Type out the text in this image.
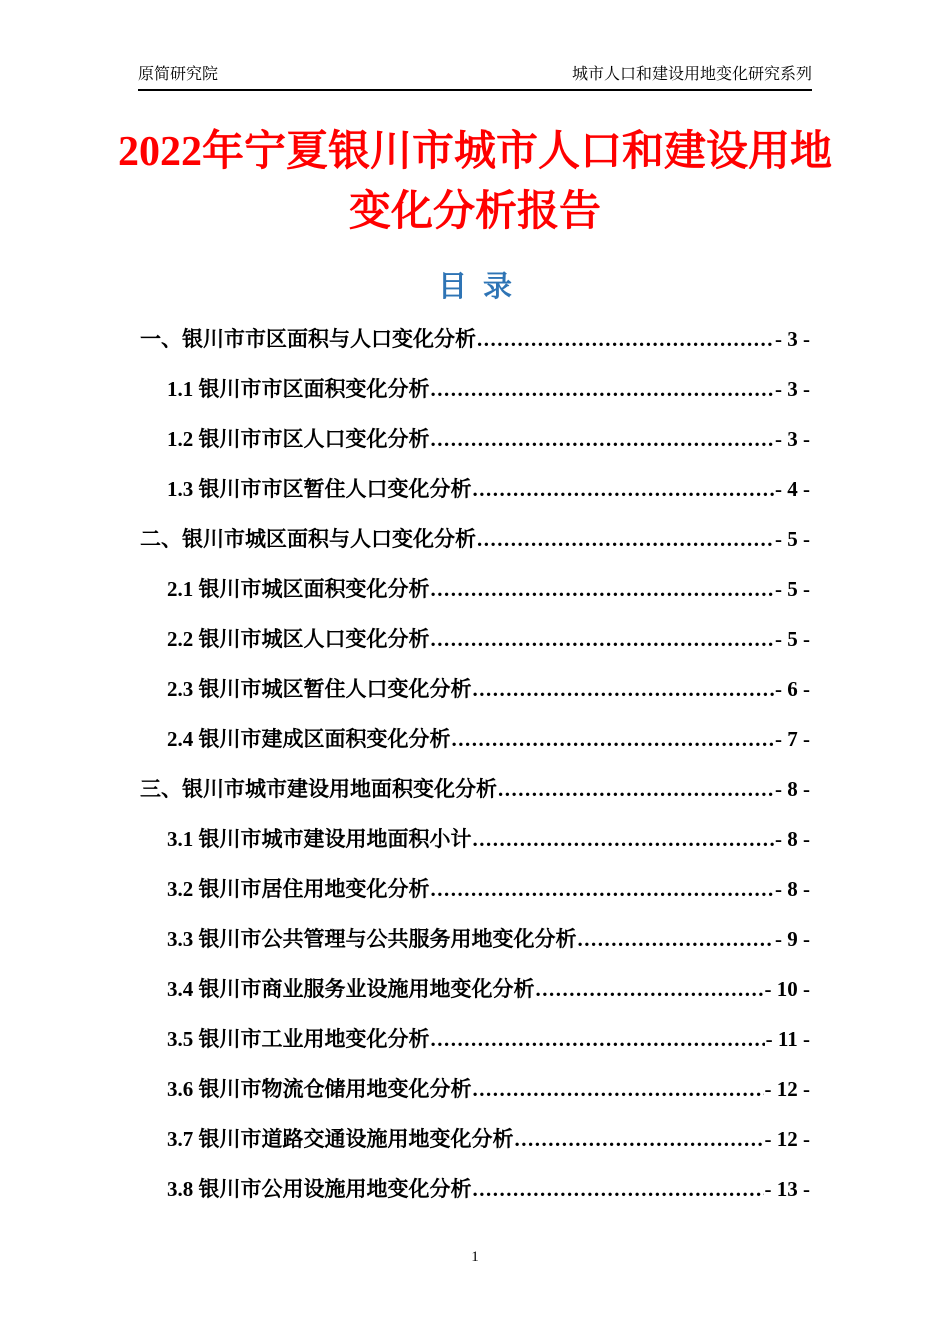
原简研究院	城市人口和建设用地变化研究系列
2022年宁夏银川市城市人口和建设用地
变化分析报告
目  录
一、银川市市区面积与人口变化分析 .....	- 3 -
1.1 银川市市区面积变化分析 .....	- 3 -
1.2 银川市市区人口变化分析 .....	- 3 -
1.3 银川市市区暂住人口变化分析 .....	- 4 -
二、银川市城区面积与人口变化分析 .....	- 5 -
2.1 银川市城区面积变化分析 .....	- 5 -
2.2 银川市城区人口变化分析 .....	- 5 -
2.3 银川市城区暂住人口变化分析 .....	- 6 -
2.4 银川市建成区面积变化分析 .....	- 7 -
三、银川市城市建设用地面积变化分析 .....	- 8 -
3.1 银川市城市建设用地面积小计 .....	- 8 -
3.2 银川市居住用地变化分析 .....	- 8 -
3.3 银川市公共管理与公共服务用地变化分析 .....	- 9 -
3.4 银川市商业服务业设施用地变化分析 .....	- 10 -
3.5 银川市工业用地变化分析 .....	- 11 -
3.6 银川市物流仓储用地变化分析 .....	- 12 -
3.7 银川市道路交通设施用地变化分析 .....	- 12 -
3.8 银川市公用设施用地变化分析 .....	- 13 -
1
